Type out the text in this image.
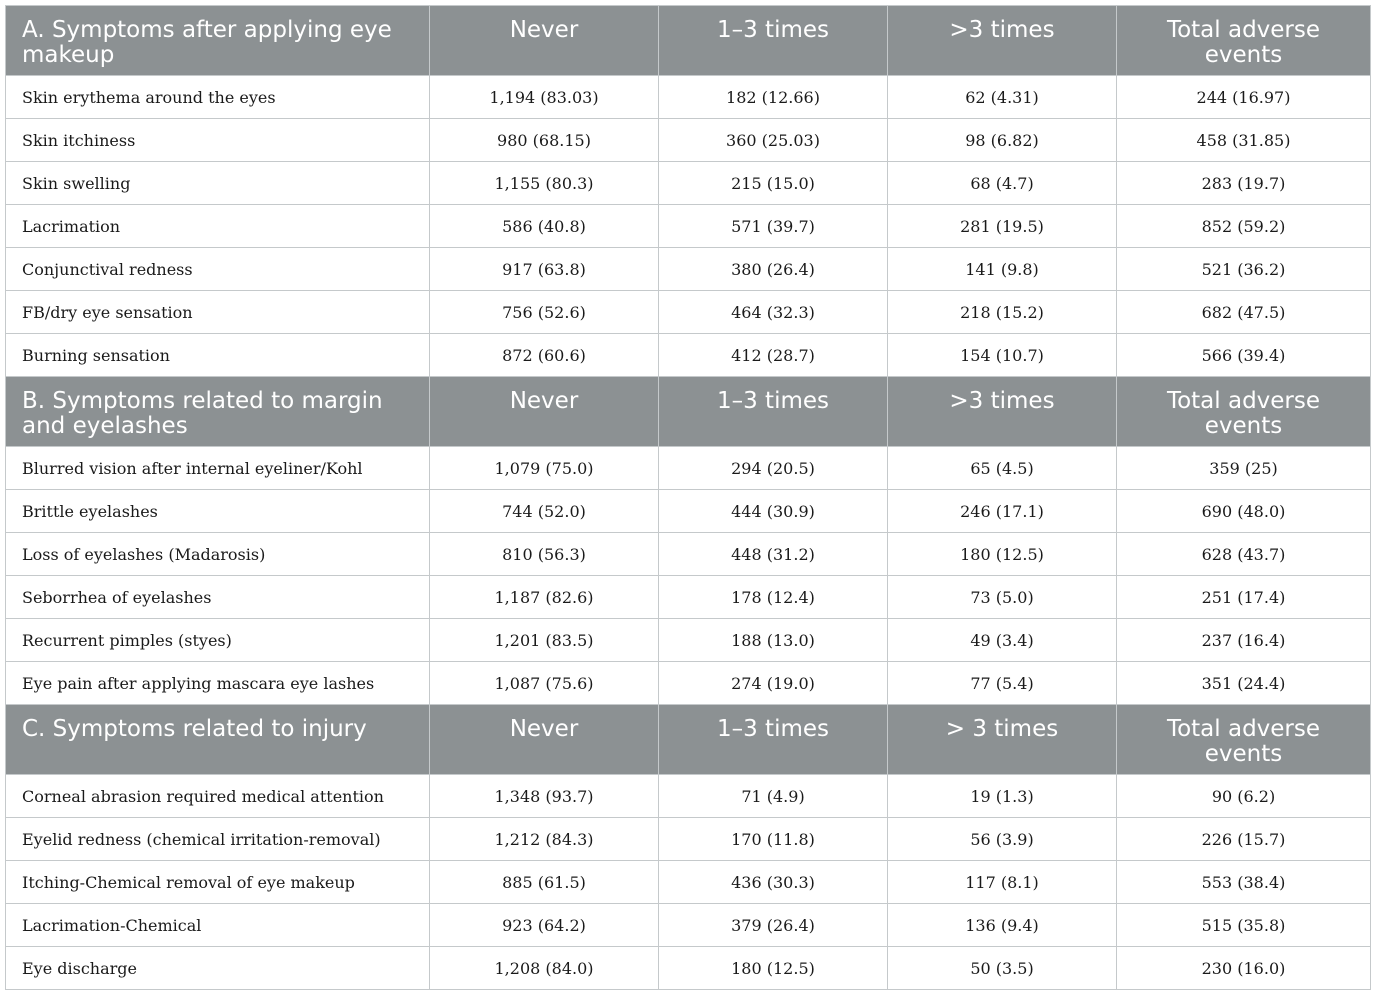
A. Symptoms after applying eye makeup	Never	1–3 times	>3 times	Total adverse events
Skin erythema around the eyes	1,194 (83.03)	182 (12.66)	62 (4.31)	244 (16.97)
Skin itchiness	980 (68.15)	360 (25.03)	98 (6.82)	458 (31.85)
Skin swelling	1,155 (80.3)	215 (15.0)	68 (4.7)	283 (19.7)
Lacrimation	586 (40.8)	571 (39.7)	281 (19.5)	852 (59.2)
Conjunctival redness	917 (63.8)	380 (26.4)	141 (9.8)	521 (36.2)
FB/dry eye sensation	756 (52.6)	464 (32.3)	218 (15.2)	682 (47.5)
Burning sensation	872 (60.6)	412 (28.7)	154 (10.7)	566 (39.4)
B. Symptoms related to margin and eyelashes	Never	1–3 times	>3 times	Total adverse events
Blurred vision after internal eyeliner/Kohl	1,079 (75.0)	294 (20.5)	65 (4.5)	359 (25)
Brittle eyelashes	744 (52.0)	444 (30.9)	246 (17.1)	690 (48.0)
Loss of eyelashes (Madarosis)	810 (56.3)	448 (31.2)	180 (12.5)	628 (43.7)
Seborrhea of eyelashes	1,187 (82.6)	178 (12.4)	73 (5.0)	251 (17.4)
Recurrent pimples (styes)	1,201 (83.5)	188 (13.0)	49 (3.4)	237 (16.4)
Eye pain after applying mascara eye lashes	1,087 (75.6)	274 (19.0)	77 (5.4)	351 (24.4)
C. Symptoms related to injury	Never	1–3 times	> 3 times	Total adverse events
Corneal abrasion required medical attention	1,348 (93.7)	71 (4.9)	19 (1.3)	90 (6.2)
Eyelid redness (chemical irritation-removal)	1,212 (84.3)	170 (11.8)	56 (3.9)	226 (15.7)
Itching-Chemical removal of eye makeup	885 (61.5)	436 (30.3)	117 (8.1)	553 (38.4)
Lacrimation-Chemical	923 (64.2)	379 (26.4)	136 (9.4)	515 (35.8)
Eye discharge	1,208 (84.0)	180 (12.5)	50 (3.5)	230 (16.0)
